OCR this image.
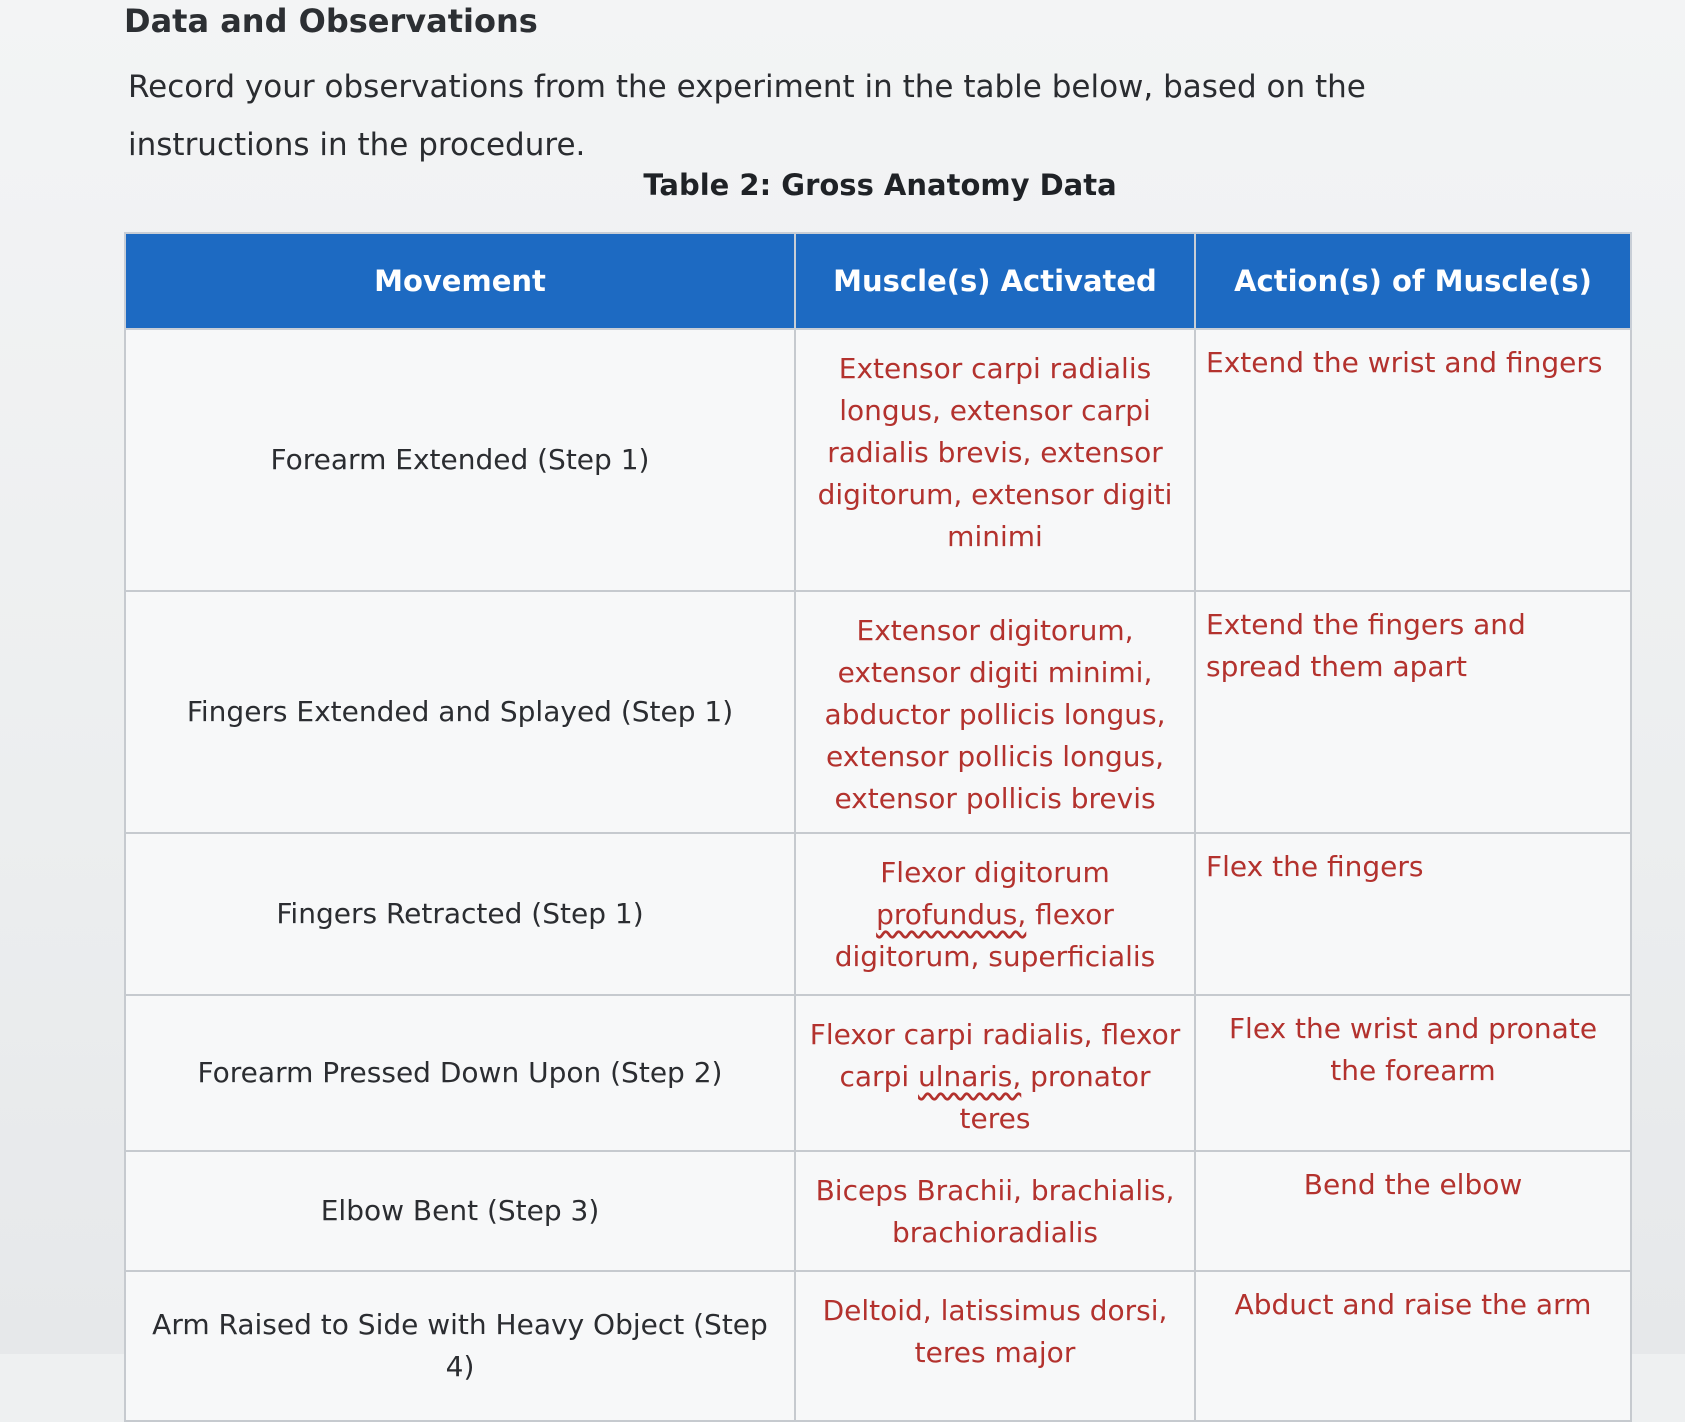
Data and Observations

Record your observations from the experiment in the table below, based on the instructions in the procedure.

Table 2: Gross Anatomy Data
Movement	Muscle(s) Activated	Action(s) of Muscle(s)
Forearm Extended (Step 1)	Extensor carpi radialis longus, extensor carpi radialis brevis, extensor digitorum, extensor digiti minimi	Extend the wrist and fingers
Fingers Extended and Splayed (Step 1)	Extensor digitorum, extensor digiti minimi, abductor pollicis longus, extensor pollicis longus, extensor pollicis brevis	Extend the fingers and spread them apart
Fingers Retracted (Step 1)	Flexor digitorum profundus, flexor digitorum, superficialis	Flex the fingers
Forearm Pressed Down Upon (Step 2)	Flexor carpi radialis, flexor carpi ulnaris, pronator teres	Flex the wrist and pronate the forearm
Elbow Bent (Step 3)	Biceps Brachii, brachialis, brachioradialis	Bend the elbow
Arm Raised to Side with Heavy Object (Step 4)	Deltoid, latissimus dorsi, teres major	Abduct and raise the arm
